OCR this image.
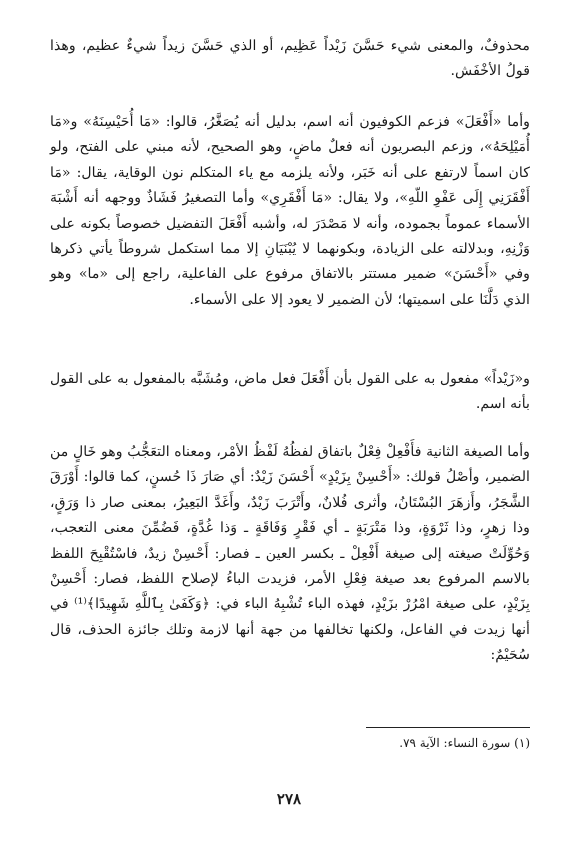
محذوفٌ، والمعنى شيء حَسَّنَ زَيْداً عَظِيم، أو الذي حَسَّنَ زيداً شيءٌ عظيم، وهذا قولُ الأخْفَش.

وأما «أَفْعَلَ» فزعم الكوفيون أنه اسم، بدليل أنه يُصَغَّرُ، قالوا: «مَا أُحَيْسِنَهُ» و«مَا أُمَيْلِحَهُ»، وزعم البصريون أنه فعلٌ ماضٍ، وهو الصحيح، لأنه مبني على الفتح، ولو كان اسماً لارتفع على أنه خَبَر، ولأنه يلزمه مع ياء المتكلم نون الوقاية، يقال: «مَا أَفْقَرَنِي إِلَى عَفْوِ اللّهِ»، ولا يقال: «مَا أَفْقَرِي» وأما التصغيرُ فَشَاذٌ ووجهه أنه أَشْبَهَ الأسماء عموماً بجموده، وأنه لا مَصْدَرَ له، وأشبه أَفْعَلَ التفضيل خصوصاً بكونه على وَزْنِهِ، وبدلالته على الزيادة، وبكونهما لا يُبْنَيَانِ إلا مما استكمل شروطاً يأتي ذكرها وفي «أَحْسَنَ» ضمير مستتر بالاتفاق مرفوع على الفاعلية، راجع إلى «ما» وهو الذي دَلَّنَا على اسميتها؛ لأن الضمير لا يعود إلا على الأسماء.

و«زَيْداً» مفعول به على القول بأن أَفْعَلَ فعل ماض، ومُشَبَّه بالمفعول به على القول بأنه اسم.

وأما الصيغة الثانية فأَفْعِلْ فِعْلٌ باتفاق لفظُهُ لَفْظُ الأمْر، ومعناه التعَجُّبُ وهو خَالٍ من الضمير، وأصْلُ قولك: «أَحْسِنْ بِزَيْدٍ» أَحْسَنَ زَيْدٌ: أي صَارَ ذَا حُسنٍ، كما قالوا: أَوْرَقَ الشَّجَرُ، وأَزهَرَ البُسْتَانُ، وأثرى فُلانٌ، وأَتْرَبَ زَيْدٌ، وأَغَدَّ البَعِيرُ، بمعنى صار ذا وَرَقٍ، وذا زهرٍ، وذا ثَرْوَةٍ، وذا مَتْرَبَةٍ ـ أي فَقْرٍ وَفَاقَةٍ ـ وَذا غُدَّةٍ، فَضُمِّنَ معنى التعجب، وَحُوِّلَتْ صيغته إلى صيغة أَفْعِلْ ـ بكسر العين ـ فصار: أَحْسِنْ زيدٌ، فاسْتُقْبِحَ اللفظ بالاسم المرفوع بعد صيغة فِعْلِ الأمر، فزيدت الباءُ لإصلاح اللفظ، فصار: أَحْسِنْ بِزَيْدٍ، على صيغة امْرُرْ بزَيْدٍ، فهذه الباء تُشْبِهُ الباء في: ﴿وَكَفَىٰ بِٱللَّهِ شَهِيدًا﴾⁽¹⁾ في أنها زيدت في الفاعل، ولكنها تخالفها من جهة أنها لازمة وتلك جائزة الحذف، قال سُحَيْمٌ:

(١) سورة النساء: الآية ٧٩.
٢٧٨
